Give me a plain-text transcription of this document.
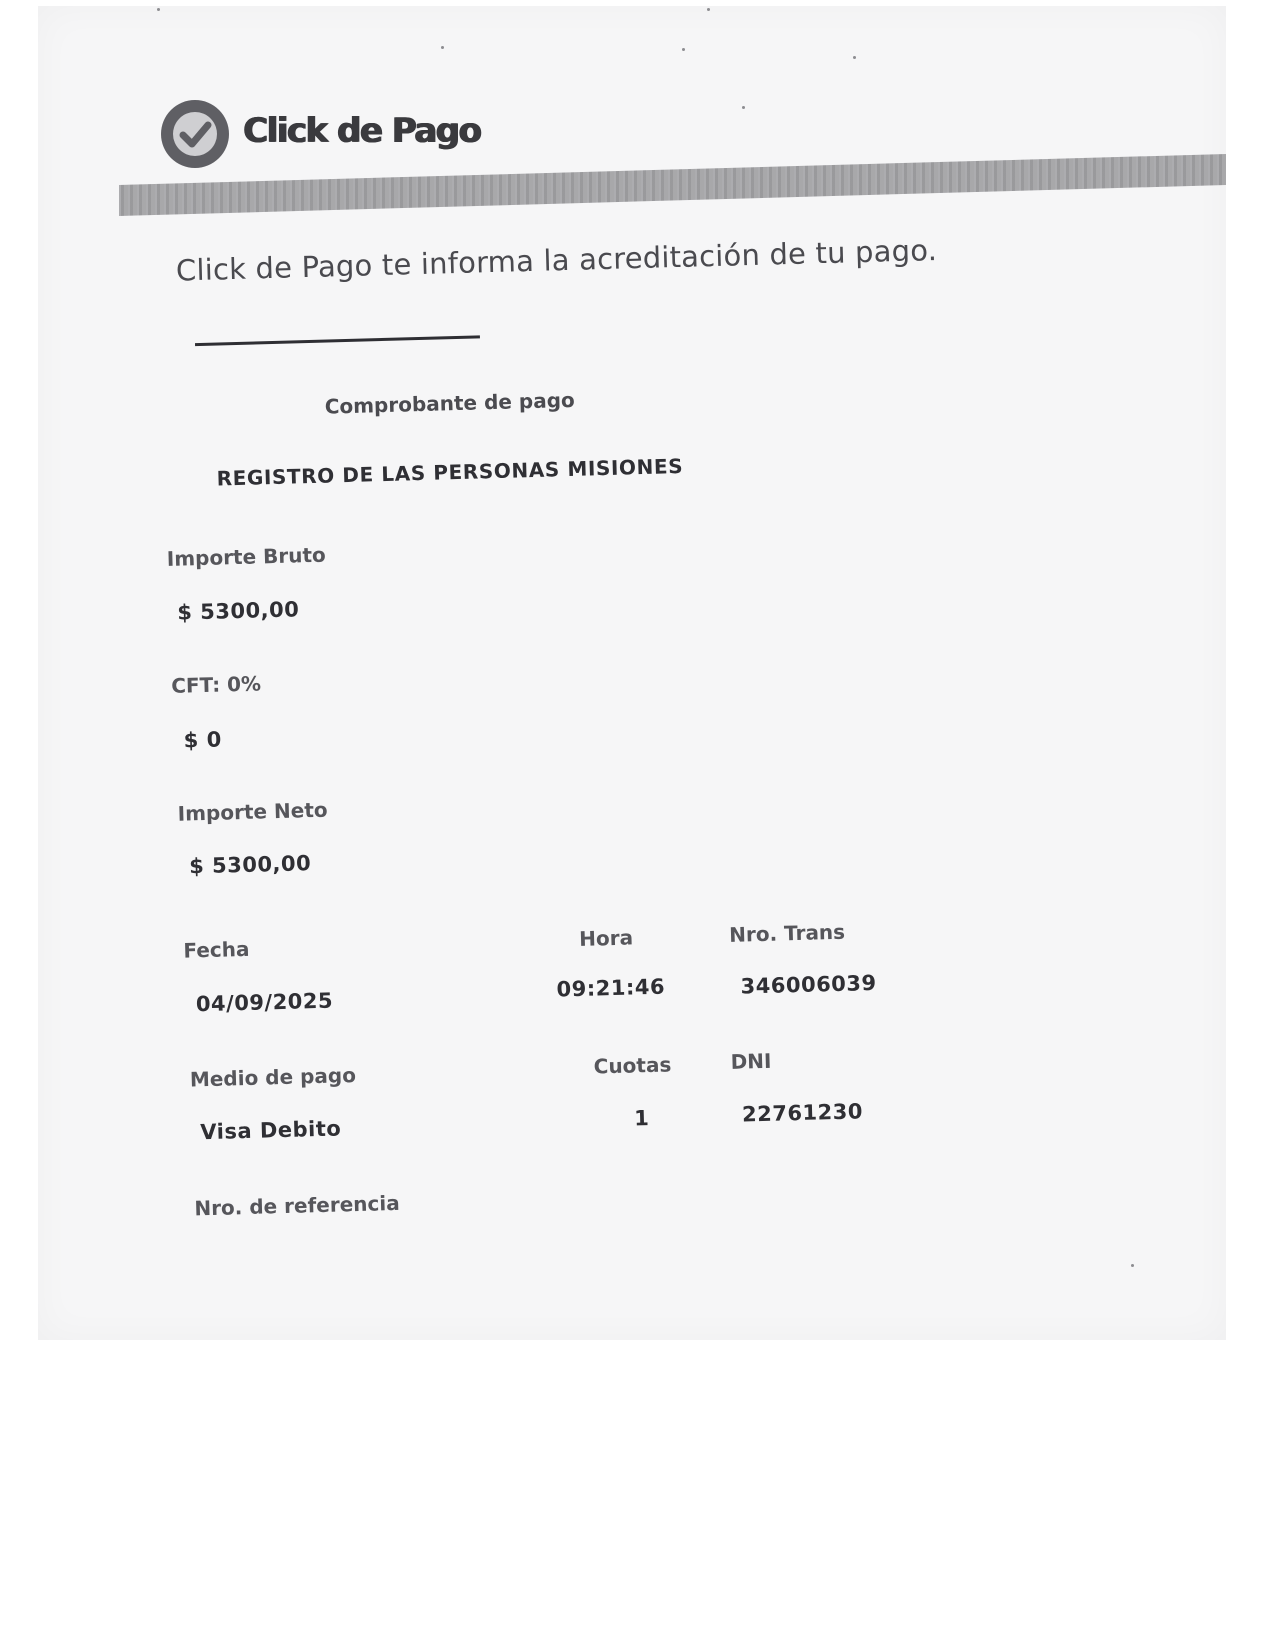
Click de Pago
Click de Pago te informa la acreditación de tu pago.
Comprobante de pago
REGISTRO DE LAS PERSONAS MISIONES
Importe Bruto
$ 5300,00
CFT: 0%
$ 0
Importe Neto
$ 5300,00
Fecha
04/09/2025
Hora
09:21:46
Nro. Trans
346006039
Medio de pago
Visa Debito
Cuotas
1
DNI
22761230
Nro. de referencia
